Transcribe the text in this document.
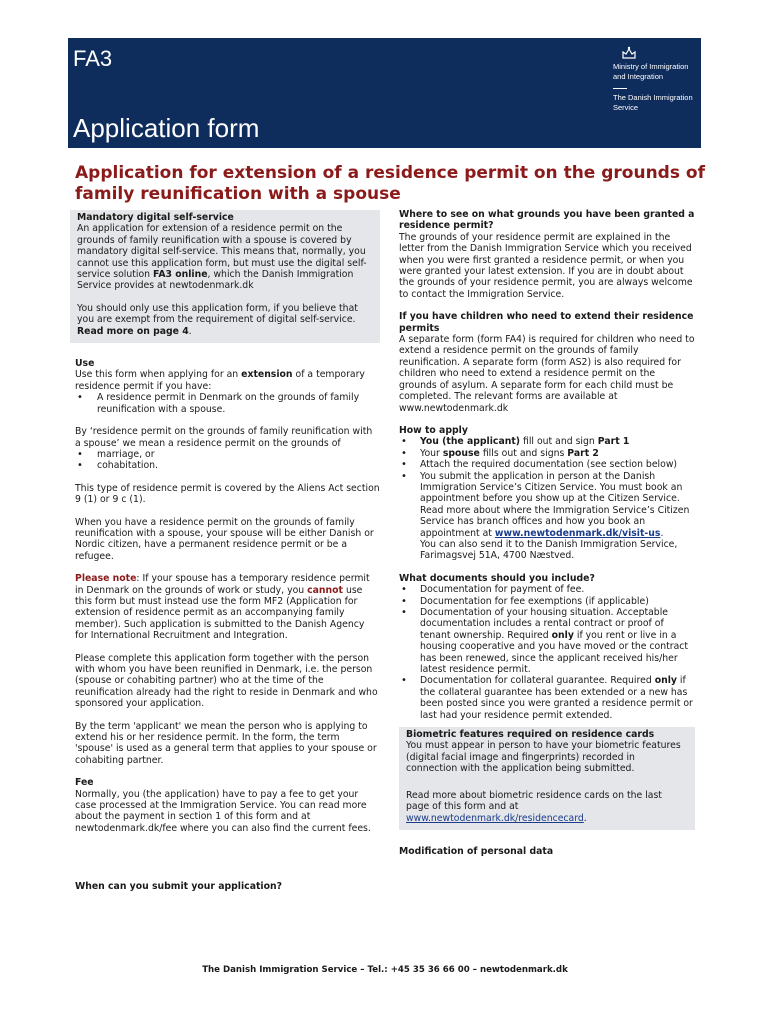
FA3
Application form
Ministry of Immigration and Integration
The Danish Immigration Service
Application for extension of a residence permit on the grounds of family reunification with a spouse

Mandatory digital self-service

An application for extension of a residence permit on the grounds of family reunification with a spouse is covered by mandatory digital self-service. This means that, normally, you cannot use this application form, but must use the digital self-service solution FA3 online, which the Danish Immigration Service provides at newtodenmark.dk

You should only use this application form, if you believe that you are exempt from the requirement of digital self-service. Read more on page 4.

Use

Use this form when applying for an extension of a temporary residence permit if you have:

• A residence permit in Denmark on the grounds of family reunification with a spouse.

By ‘residence permit on the grounds of family reunification with a spouse’ we mean a residence permit on the grounds of

• marriage, or
• cohabitation.

This type of residence permit is covered by the Aliens Act section 9 (1) or 9 c (1).

When you have a residence permit on the grounds of family reunification with a spouse, your spouse will be either Danish or Nordic citizen, have a permanent residence permit or be a refugee.

Please note: If your spouse has a temporary residence permit in Denmark on the grounds of work or study, you cannot use this form but must instead use the form MF2 (Application for extension of residence permit as an accompanying family member). Such application is submitted to the Danish Agency for International Recruitment and Integration.

Please complete this application form together with the person with whom you have been reunified in Denmark, i.e. the person (spouse or cohabiting partner) who at the time of the reunification already had the right to reside in Denmark and who sponsored your application.

By the term 'applicant' we mean the person who is applying to extend his or her residence permit. In the form, the term 'spouse' is used as a general term that applies to your spouse or cohabiting partner.

Fee

Normally, you (the application) have to pay a fee to get your case processed at the Immigration Service. You can read more about the payment in section 1 of this form and at newtodenmark.dk/fee where you can also find the current fees.

When can you submit your application?

Where to see on what grounds you have been granted a residence permit?

The grounds of your residence permit are explained in the letter from the Danish Immigration Service which you received when you were first granted a residence permit, or when you were granted your latest extension. If you are in doubt about the grounds of your residence permit, you are always welcome to contact the Immigration Service.

If you have children who need to extend their residence permits

A separate form (form FA4) is required for children who need to extend a residence permit on the grounds of family reunification. A separate form (form AS2) is also required for children who need to extend a residence permit on the grounds of asylum. A separate form for each child must be completed. The relevant forms are available at www.newtodenmark.dk

How to apply

• You (the applicant) fill out and sign Part 1
• Your spouse fills out and signs Part 2
• Attach the required documentation (see section below)
• You submit the application in person at the Danish Immigration Service’s Citizen Service. You must book an appointment before you show up at the Citizen Service. Read more about where the Immigration Service’s Citizen Service has branch offices and how you book an appointment at www.newtodenmark.dk/visit-us.
You can also send it to the Danish Immigration Service, Farimagsvej 51A, 4700 Næstved.

What documents should you include?

• Documentation for payment of fee.
• Documentation for fee exemptions (if applicable)
• Documentation of your housing situation. Acceptable documentation includes a rental contract or proof of tenant ownership. Required only if you rent or live in a housing cooperative and you have moved or the contract has been renewed, since the applicant received his/her latest residence permit.
• Documentation for collateral guarantee. Required only if the collateral guarantee has been extended or a new has been posted since you were granted a residence permit or last had your residence permit extended.

Biometric features required on residence cards

You must appear in person to have your biometric features (digital facial image and fingerprints) recorded in connection with the application being submitted.

Read more about biometric residence cards on the last page of this form and at
www.newtodenmark.dk/residencecard.

Modification of personal data

The Danish Immigration Service – Tel.: +45 35 36 66 00 – newtodenmark.dk
